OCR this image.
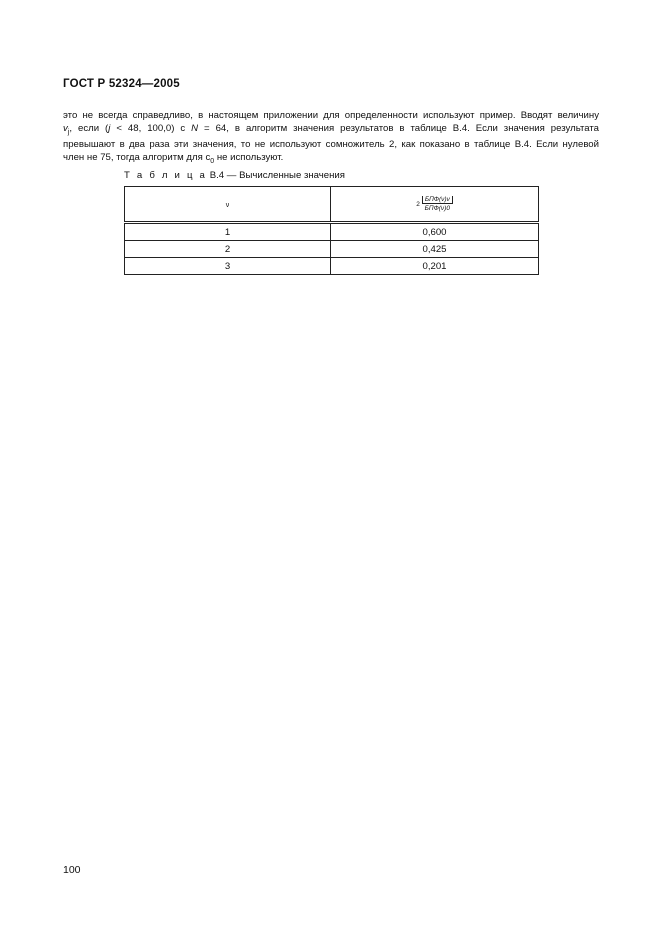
ГОСТ Р 52324—2005
это не всегда справедливо, в настоящем приложении для определенности используют пример. Вводят величину
$v_j$, если (j < 48, 100,0) с N = 64, в алгоритм значения результатов в таблице B.4. Если значения результата
превышают в два раза эти значения, то не используют сомножитель 2, как показано в таблице B.4. Если нулевой
член не 75, тогда алгоритм для $c_0$ не используют.
Т а б л и ц а B.4 — Вычисленные значения
ν	$2 \frac{\text{БПФ(ν)ν}}{\text{БПФ(ν)0}}$

1	0,600
2	0,425
3	0,201
100
